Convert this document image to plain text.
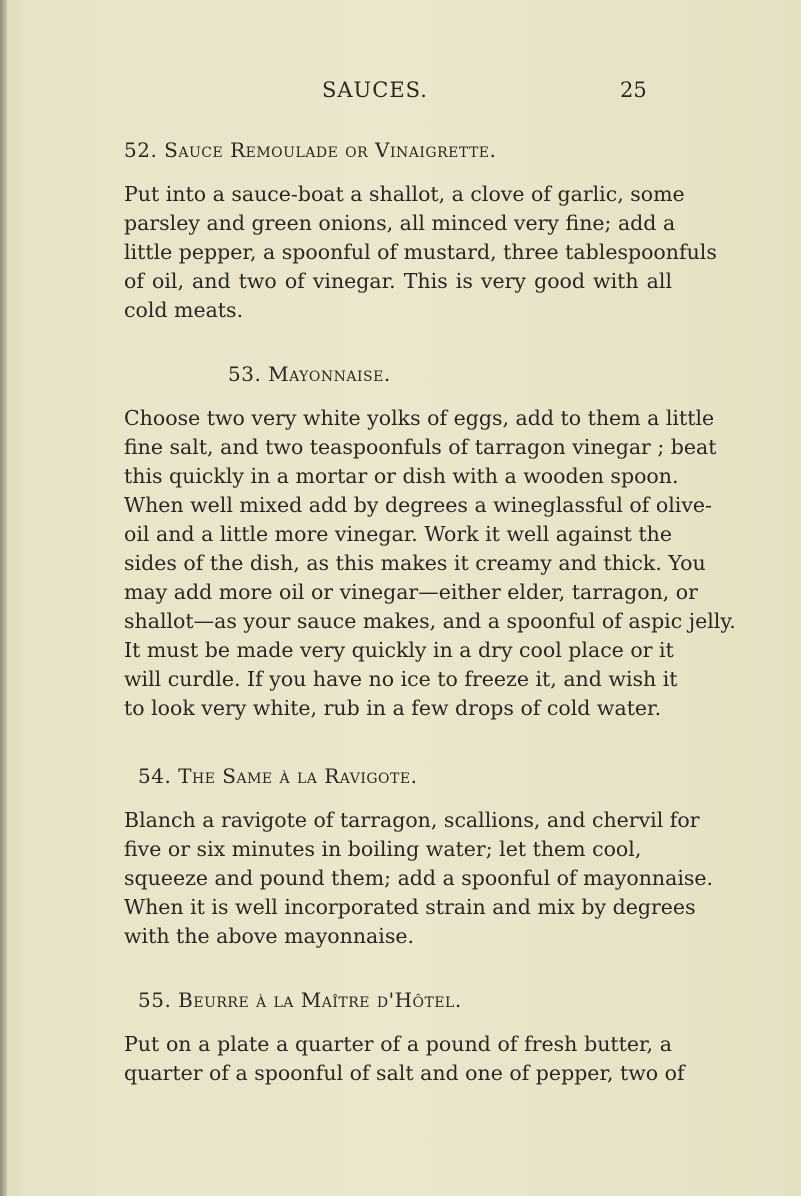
SAUCES.	25
52. Sauce Remoulade or Vinaigrette.

Put into a sauce-boat a shallot, a clove of garlic, some
parsley and green onions, all minced very fine; add a
little pepper, a spoonful of mustard, three tablespoonfuls
of oil, and two of vinegar. This is very good with all
cold meats.

53. Mayonnaise.

Choose two very white yolks of eggs, add to them a little
fine salt, and two teaspoonfuls of tarragon vinegar ; beat
this quickly in a mortar or dish with a wooden spoon.
When well mixed add by degrees a wineglassful of olive-
oil and a little more vinegar. Work it well against the
sides of the dish, as this makes it creamy and thick. You
may add more oil or vinegar—either elder, tarragon, or
shallot—as your sauce makes, and a spoonful of aspic jelly.
It must be made very quickly in a dry cool place or it
will curdle. If you have no ice to freeze it, and wish it
to look very white, rub in a few drops of cold water.

54. The Same à la Ravigote.

Blanch a ravigote of tarragon, scallions, and chervil for
five or six minutes in boiling water; let them cool,
squeeze and pound them; add a spoonful of mayonnaise.
When it is well incorporated strain and mix by degrees
with the above mayonnaise.

55. Beurre à la Maître d'Hôtel.

Put on a plate a quarter of a pound of fresh butter, a
quarter of a spoonful of salt and one of pepper, two of
